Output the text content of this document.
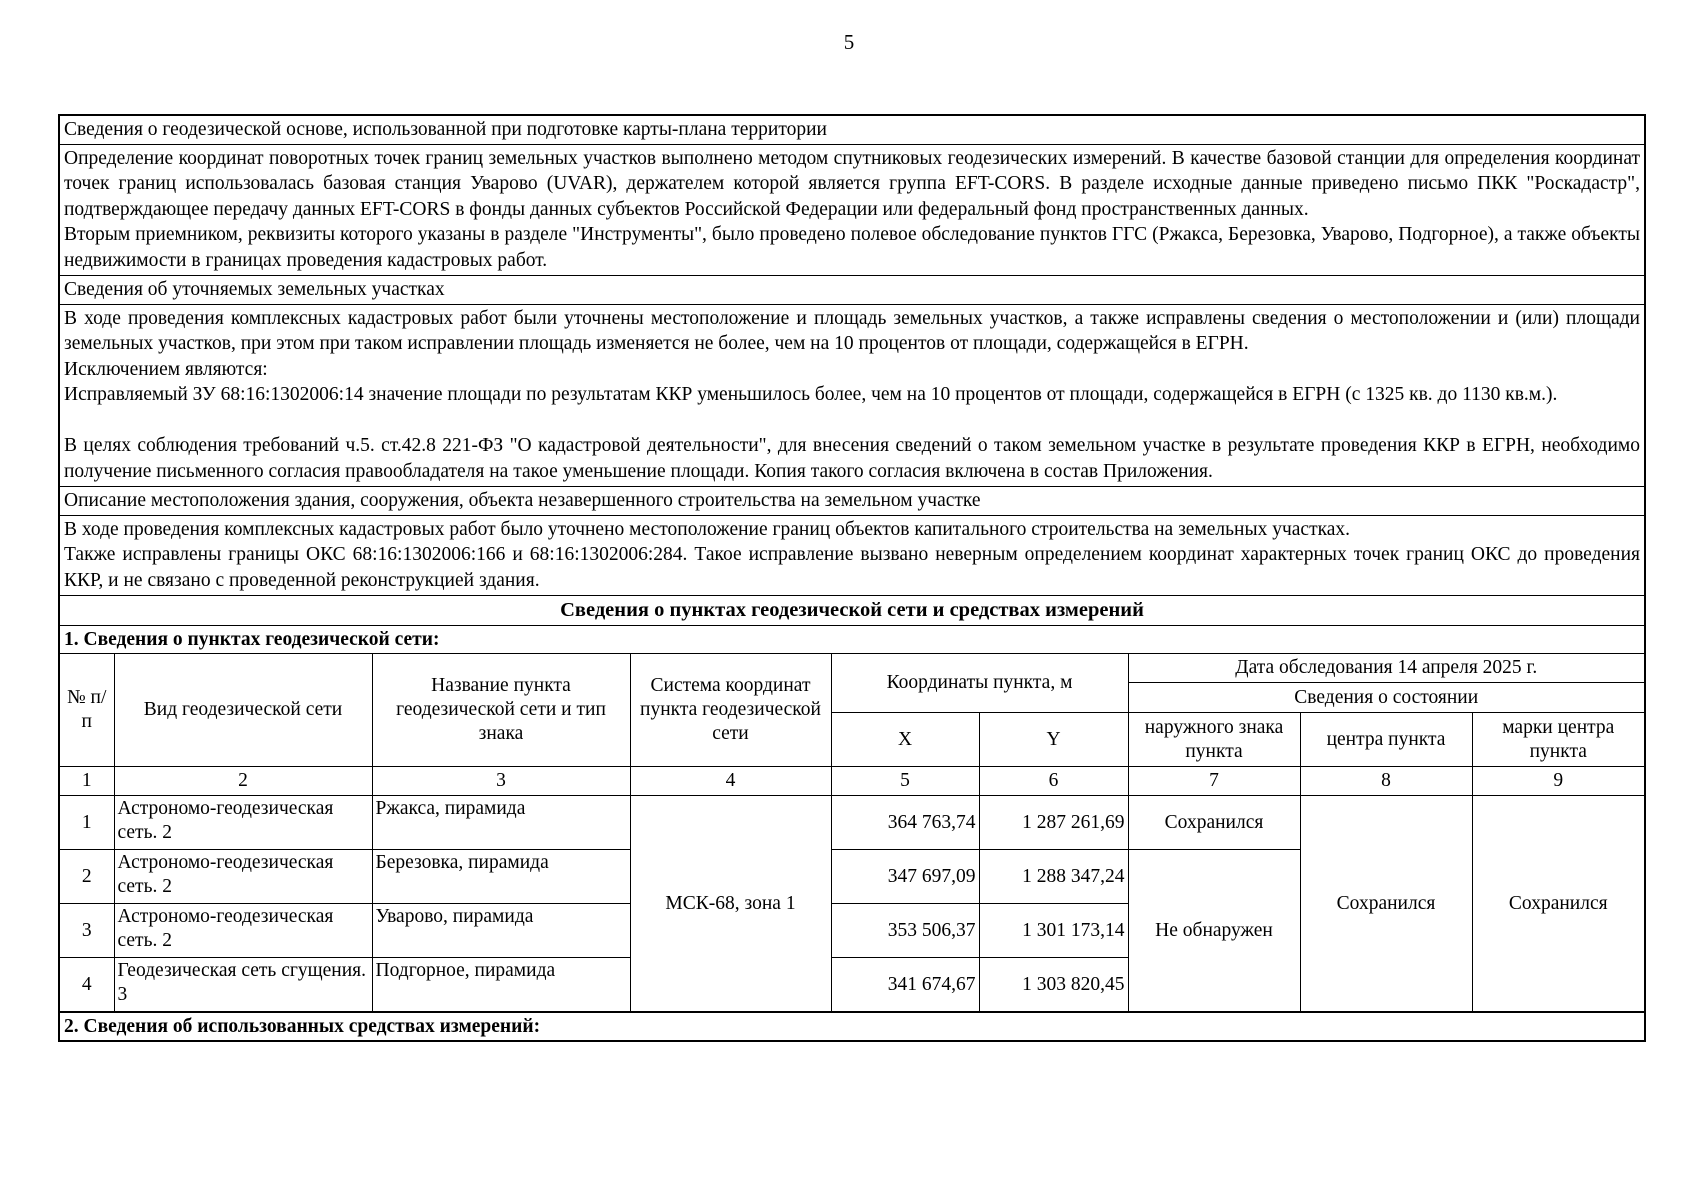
5
Сведения о геодезической основе, использованной при подготовке карты-плана территории

Определение координат поворотных точек границ земельных участков выполнено методом спутниковых геодезических измерений. В качестве базовой станции для определения координат точек границ использовалась базовая станция Уварово (UVAR), держателем которой является группа EFT-CORS. В разделе исходные данные приведено письмо ПКК "Роскадастр", подтверждающее передачу данных EFT-CORS в фонды данных субъектов Российской Федерации или федеральный фонд пространственных данных.

Вторым приемником, реквизиты которого указаны в разделе "Инструменты", было проведено полевое обследование пунктов ГГС (Ржакса, Березовка, Уварово, Подгорное), а также объекты недвижимости в границах проведения кадастровых работ.

Сведения об уточняемых земельных участках

В ходе проведения комплексных кадастровых работ были уточнены местоположение и площадь земельных участков, а также исправлены сведения о местоположении и (или) площади земельных участков, при этом при таком исправлении площадь изменяется не более, чем на 10 процентов от площади, содержащейся в ЕГРН.

Исключением являются:

Исправляемый ЗУ 68:16:1302006:14 значение площади по результатам ККР уменьшилось более, чем на 10 процентов от площади, содержащейся в ЕГРН (с 1325 кв. до 1130 кв.м.).

В целях соблюдения требований ч.5. ст.42.8 221-ФЗ "О кадастровой деятельности", для внесения сведений о таком земельном участке в результате проведения ККР в ЕГРН, необходимо получение письменного согласия правообладателя на такое уменьшение площади. Копия такого согласия включена в состав Приложения.

Описание местоположения здания, сооружения, объекта незавершенного строительства на земельном участке

В ходе проведения комплексных кадастровых работ было уточнено местоположение границ объектов капитального строительства на земельных участках.

Также исправлены границы ОКС 68:16:1302006:166 и 68:16:1302006:284. Такое исправление вызвано неверным определением координат характерных точек границ ОКС до проведения ККР, и не связано с проведенной реконструкцией здания.

Сведения о пунктах геодезической сети и средствах измерений
1. Сведения о пунктах геодезической сети:
№ п/п	Вид геодезической сети	Название пункта геодезической сети и тип знака	Система координат пункта геодезической сети	Координаты пункта, м		Дата обследования 14 апреля 2025 г.		
						Сведения о состоянии		
				X	Y	наружного знака пункта	центра пункта	марки центра пункта
1	2	3	4	5	6	7	8	9
1	Астрономо-геодезическая сеть. 2	Ржакса, пирамида	МСК-68, зона 1	364 763,74	1 287 261,69	Сохранился	Сохранился	Сохранился
2	Астрономо-геодезическая сеть. 2	Березовка, пирамида		347 697,09	1 288 347,24	Не обнаружен		
3	Астрономо-геодезическая сеть. 2	Уварово, пирамида		353 506,37	1 301 173,14			
4	Геодезическая сеть сгущения. 3	Подгорное, пирамида		341 674,67	1 303 820,45			
2. Сведения об использованных средствах измерений:
